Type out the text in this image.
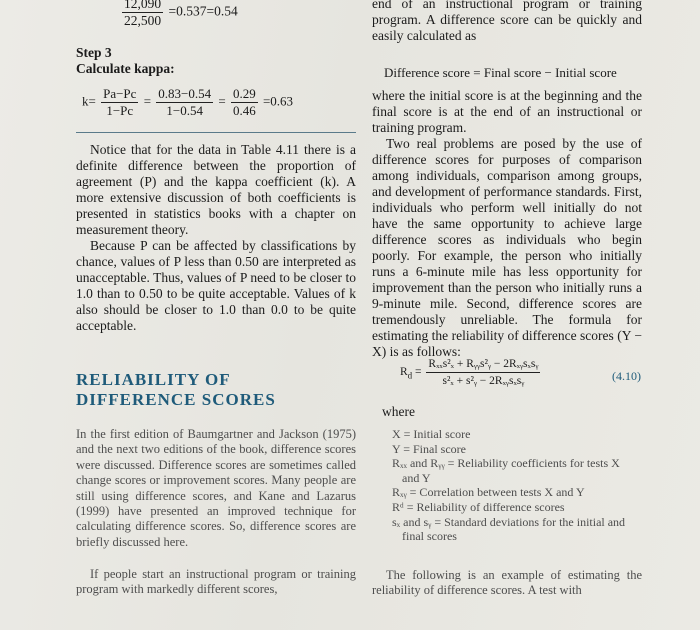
$\frac{12,090}{22,500} =0.537=0.54$

Step 3

Calculate kappa:

$k= \frac{Pa-Pc}{1-Pc} = \frac{0.83-0.54}{1-0.54} = \frac{0.29}{0.46} =0.63$

Notice that for the data in Table 4.11 there is a definite difference between the proportion of agreement (P) and the kappa coefficient (k). A more extensive discussion of both coefficients is presented in statistics books with a chapter on measurement theory.

Because P can be affected by classifications by chance, values of P less than 0.50 are interpreted as unacceptable. Thus, values of P need to be closer to 1.0 than to 0.50 to be quite acceptable. Values of k also should be closer to 1.0 than 0.0 to be quite acceptable.

RELIABILITY OF

DIFFERENCE SCORES

In the first edition of Baumgartner and Jackson (1975) and the next two editions of the book, difference scores were discussed. Difference scores are sometimes called change scores or improvement scores. Many people are still using difference scores, and Kane and Lazarus (1999) have presented an improved technique for calculating difference scores. So, difference scores are briefly discussed here.

If people start an instructional program or training program with markedly different scores,

end of an instructional program or training program. A difference score can be quickly and easily calculated as

Difference score = Final score − Initial score

where the initial score is at the beginning and the final score is at the end of an instructional or training program.

Two real problems are posed by the use of difference scores for purposes of comparison among individuals, comparison among groups, and development of performance standards. First, individuals who perform well initially do not have the same opportunity to achieve large difference scores as individuals who begin poorly. For example, the person who initially runs a 6-minute mile has less opportunity for improvement than the person who initially runs a 9-minute mile. Second, difference scores are tremendously unreliable. The formula for estimating the reliability of difference scores (Y − X) is as follows:

$R_d = \frac{\text{Rₓₓs²ₓ + Rᵧᵧs²ᵧ − 2Rₓᵧsₓsᵧ}}{\text{s²ₓ + s²ᵧ − 2Rₓᵧsₓsᵧ}}$	(4.10)

where

X = Initial score
Y = Final score
Rₓₓ and Rᵧᵧ = Reliability coefficients for tests X and Y
Rₓᵧ = Correlation between tests X and Y
Rᵈ = Reliability of difference scores
sₓ and sᵧ = Standard deviations for the initial and final scores

The following is an example of estimating the reliability of difference scores. A test with
